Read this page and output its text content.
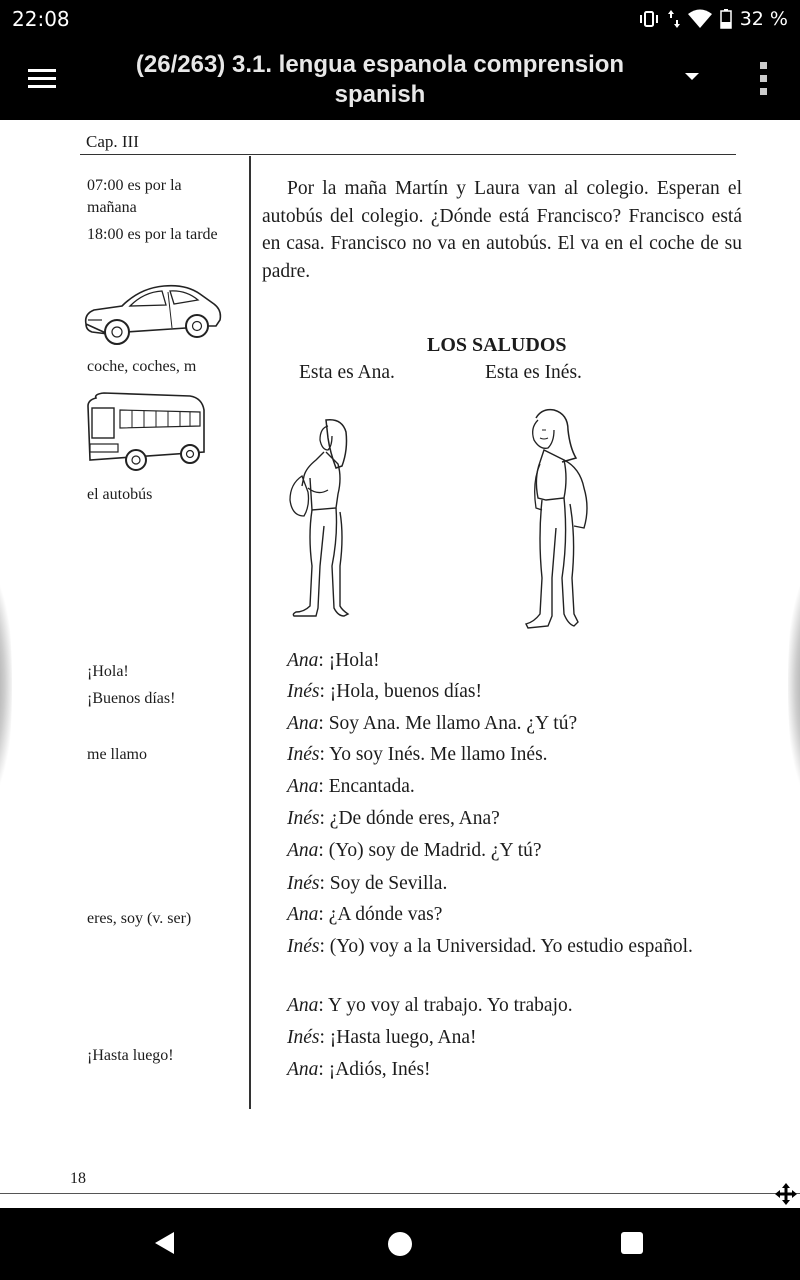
22:08	32 %
(26/263) 3.1. lengua espanola comprension spanish
Cap. III
07:00 es por la mañana
18:00 es por la tarde
coche, coches, m
el autobús
¡Hola!
¡Buenos días!
me llamo
eres, soy (v. ser)
¡Hasta luego!
Por la maña Martín y Laura van al colegio. Esperan el autobús del colegio. ¿Dónde está Francisco? Francisco está en casa. Francisco no va en autobús. El va en el coche de su padre.
LOS SALUDOS
Esta es Ana.	Esta es Inés.
Ana: ¡Hola!
Inés: ¡Hola, buenos días!
Ana: Soy Ana. Me llamo Ana. ¿Y tú?
Inés: Yo soy Inés. Me llamo Inés.
Ana: Encantada.
Inés: ¿De dónde eres, Ana?
Ana: (Yo) soy de Madrid. ¿Y tú?
Inés: Soy de Sevilla.
Ana: ¿A dónde vas?
Inés: (Yo) voy a la Universidad. Yo estudio español.
Ana: Y yo voy al trabajo. Yo trabajo.
Inés: ¡Hasta luego, Ana!
Ana: ¡Adiós, Inés!
18
